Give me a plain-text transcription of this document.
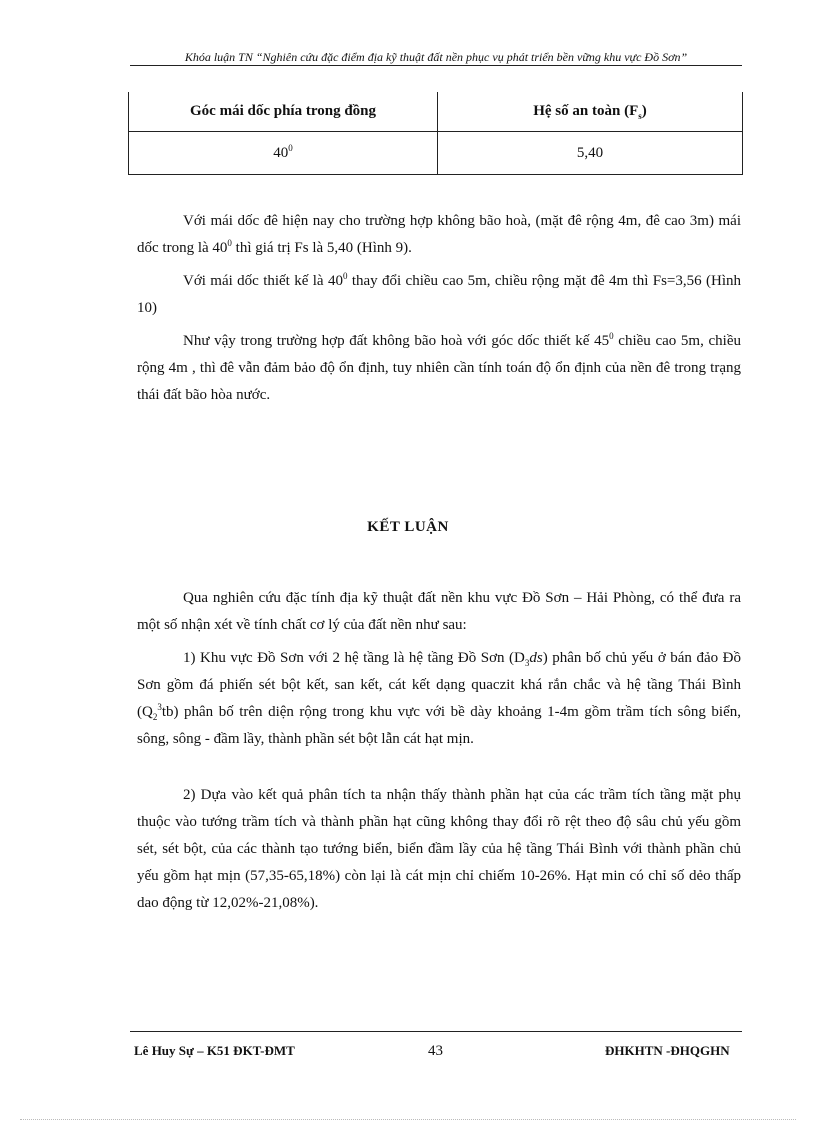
Khóa luận TN “Nghiên cứu đặc điểm địa kỹ thuật đất nền phục vụ phát triển bền vững khu vực Đồ Sơn”
Góc mái dốc phía trong đồng	Hệ số an toàn $(F_s)$
$40^0$	5,40

Với mái dốc đê hiện nay cho trường hợp không bão hoà, (mặt đê rộng 4m, đê cao 3m) mái dốc trong là $40^0$ thì giá trị Fs là 5,40 (Hình 9).

Với mái dốc thiết kế là $40^0$ thay đổi chiều cao 5m, chiều rộng mặt đê 4m thì Fs=3,56 (Hình 10)

Như vậy trong trường hợp đất không bão hoà với góc dốc thiết kế $45^0$ chiều cao 5m, chiều rộng 4m , thì đê vẫn đảm bảo độ ổn định, tuy nhiên cần tính toán độ ổn định của nền đê trong trạng thái đất bão hòa nước.

KẾT LUẬN

Qua nghiên cứu đặc tính địa kỹ thuật đất nền khu vực Đồ Sơn – Hải Phòng, có thể đưa ra một số nhận xét về tính chất cơ lý của đất nền như sau:

1) Khu vực Đồ Sơn với 2 hệ tầng là hệ tầng Đồ Sơn $(D_3ds)$ phân bố chủ yếu ở bán đảo Đồ Sơn gồm đá phiến sét bột kết, san kết, cát kết dạng quaczit khá rắn chắc và hệ tầng Thái Bình $(Q_2^3tb)$ phân bố trên diện rộng trong khu vực với bề dày khoảng 1-4m gồm trầm tích sông biển, sông, sông - đầm lầy, thành phần sét bột lẫn cát hạt mịn.

2) Dựa vào kết quả phân tích ta nhận thấy thành phần hạt của các trầm tích tầng mặt phụ thuộc vào tướng trầm tích và thành phần hạt cũng không thay đổi rõ rệt theo độ sâu chủ yếu gồm sét, sét bột, của các thành tạo tướng biển, biển đầm lầy của hệ tầng Thái Bình với thành phần chủ yếu gồm hạt mịn (57,35-65,18%) còn lại là cát mịn chỉ chiếm 10-26%. Hạt min có chỉ số dẻo thấp dao động từ 12,02%-21,08%).

Lê Huy Sự – K51 ĐKT-ĐMT	43	ĐHKHTN -ĐHQGHN
